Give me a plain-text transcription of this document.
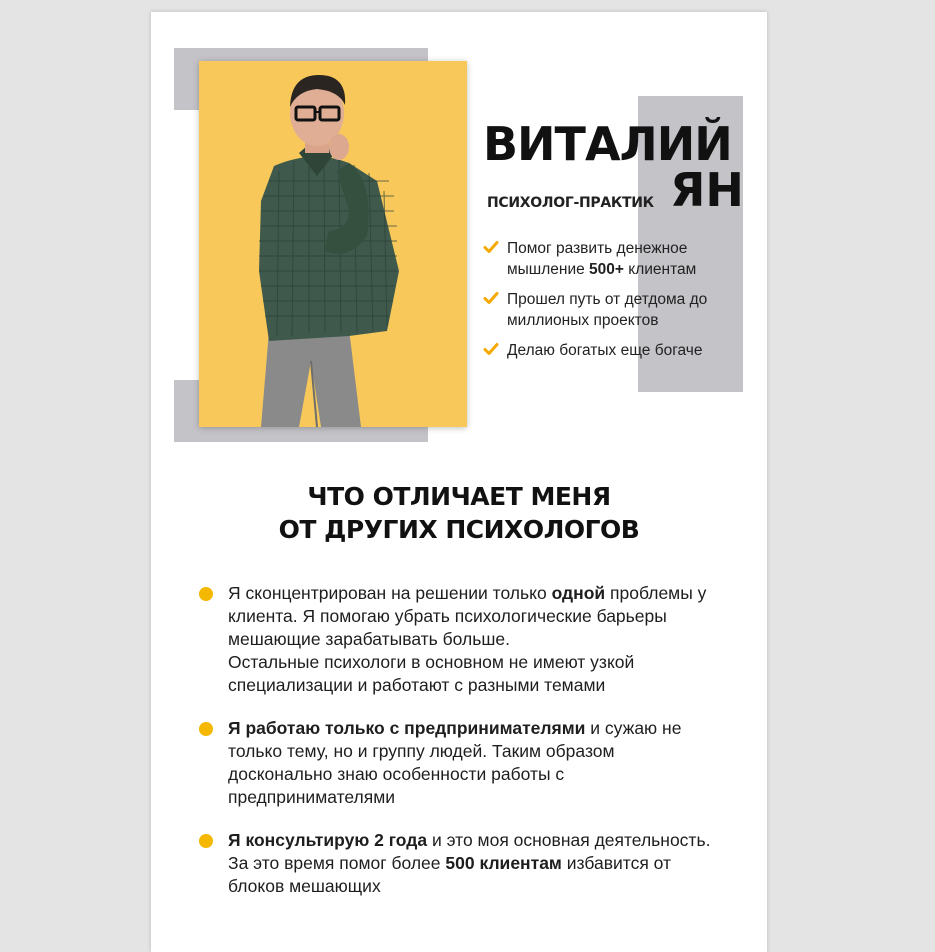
ВИТАЛИЙ
ПСИХОЛОГ-ПРАКТИК ЯН
Помог развить денежное мышление 500+ клиентам
Прошел путь от детдома до миллионых проектов
Делаю богатых еще богаче
ЧТО ОТЛИЧАЕТ МЕНЯ
ОТ ДРУГИХ ПСИХОЛОГОВ
Я сконцентрирован на решении только одной проблемы у клиента. Я помогаю убрать психологические барьеры мешающие зарабатывать больше.
Остальные психологи в основном не имеют узкой специализации и работают с разными темами
Я работаю только с предпринимателями и сужаю не только тему, но и группу людей. Таким образом досконально знаю особенности работы с предпринимателями
Я консультирую 2 года и это моя основная деятельность. За это время помог более 500 клиентам избавится от блоков мешающих
